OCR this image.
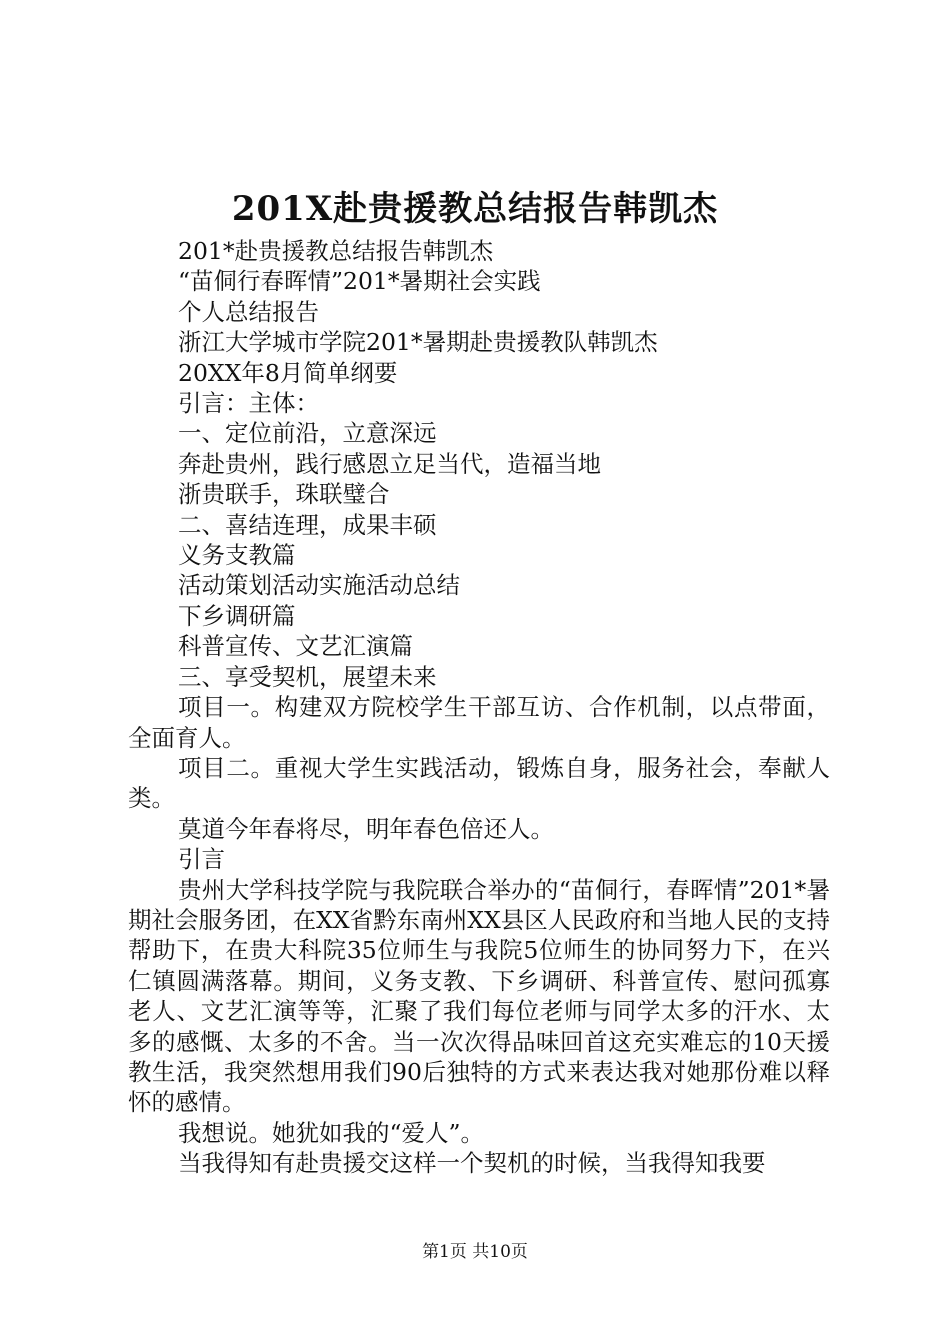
201X赴贵援教总结报告韩凯杰

201*赴贵援教总结报告韩凯杰

“苗侗行春晖情”201*暑期社会实践

个人总结报告

浙江大学城市学院201*暑期赴贵援教队韩凯杰

20XX年8月简单纲要

引言：主体：

一、定位前沿，立意深远

奔赴贵州，践行感恩立足当代，造福当地

浙贵联手，珠联璧合

二、喜结连理，成果丰硕

义务支教篇

活动策划活动实施活动总结

下乡调研篇

科普宣传、文艺汇演篇

三、享受契机，展望未来

项目一。构建双方院校学生干部互访、合作机制，以点带面，全面育人。

项目二。重视大学生实践活动，锻炼自身，服务社会，奉献人类。

莫道今年春将尽，明年春色倍还人。

引言

贵州大学科技学院与我院联合举办的“苗侗行，春晖情”201*暑期社会服务团，在XX省黔东南州XX县区人民政府和当地人民的支持帮助下，在贵大科院35位师生与我院5位师生的协同努力下，在兴仁镇圆满落幕。期间，义务支教、下乡调研、科普宣传、慰问孤寡老人、文艺汇演等等，汇聚了我们每位老师与同学太多的汗水、太多的感慨、太多的不舍。当一次次得品味回首这充实难忘的10天援教生活，我突然想用我们90后独特的方式来表达我对她那份难以释怀的感情。

我想说。她犹如我的“爱人”。

当我得知有赴贵援交这样一个契机的时候，当我得知我要

第1页 共10页
